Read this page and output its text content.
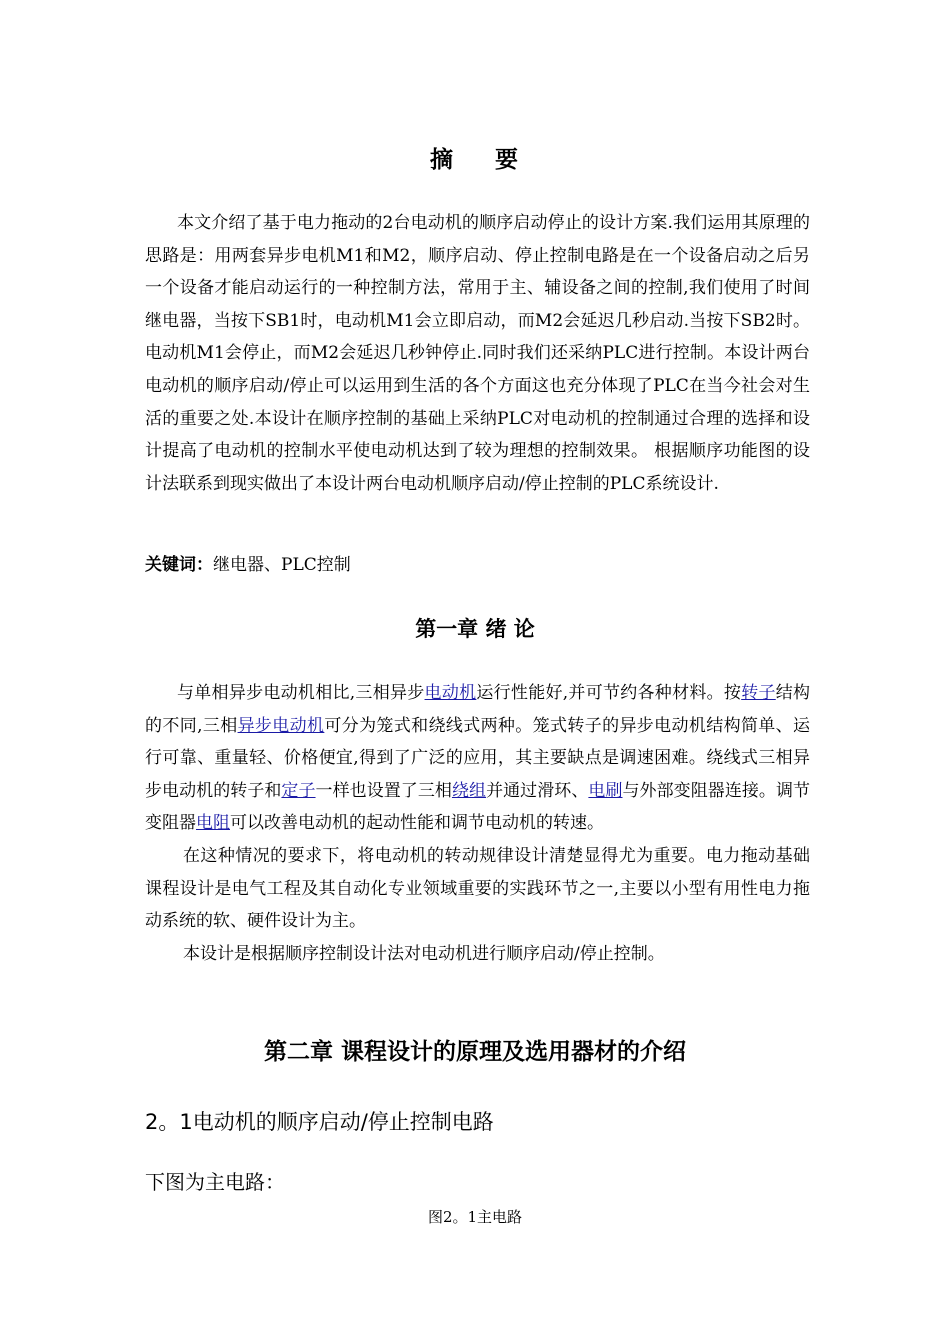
摘 要

本文介绍了基于电力拖动的2台电动机的顺序启动停止的设计方案.我们运用其原理的思路是：用两套异步电机M1和M2，顺序启动、停止控制电路是在一个设备启动之后另一个设备才能启动运行的一种控制方法，常用于主、辅设备之间的控制,我们使用了时间继电器，当按下SB1时，电动机M1会立即启动，而M2会延迟几秒启动.当按下SB2时。电动机M1会停止，而M2会延迟几秒钟停止.同时我们还采纳PLC进行控制。本设计两台电动机的顺序启动/停止可以运用到生活的各个方面这也充分体现了PLC在当今社会对生活的重要之处.本设计在顺序控制的基础上采纳PLC对电动机的控制通过合理的选择和设计提高了电动机的控制水平使电动机达到了较为理想的控制效果。 根据顺序功能图的设计法联系到现实做出了本设计两台电动机顺序启动/停止控制的PLC系统设计.

关键词：继电器、PLC控制
第一章 绪 论

与单相异步电动机相比,三相异步电动机运行性能好,并可节约各种材料。按转子结构的不同,三相异步电动机可分为笼式和绕线式两种。笼式转子的异步电动机结构简单、运行可靠、重量轻、价格便宜,得到了广泛的应用，其主要缺点是调速困难。绕线式三相异步电动机的转子和定子一样也设置了三相绕组并通过滑环、电刷与外部变阻器连接。调节变阻器电阻可以改善电动机的起动性能和调节电动机的转速。

在这种情况的要求下，将电动机的转动规律设计清楚显得尤为重要。电力拖动基础课程设计是电气工程及其自动化专业领域重要的实践环节之一,主要以小型有用性电力拖动系统的软、硬件设计为主。

本设计是根据顺序控制设计法对电动机进行顺序启动/停止控制。

第二章 课程设计的原理及选用器材的介绍
2。1电动机的顺序启动/停止控制电路
下图为主电路：
图2。1主电路
